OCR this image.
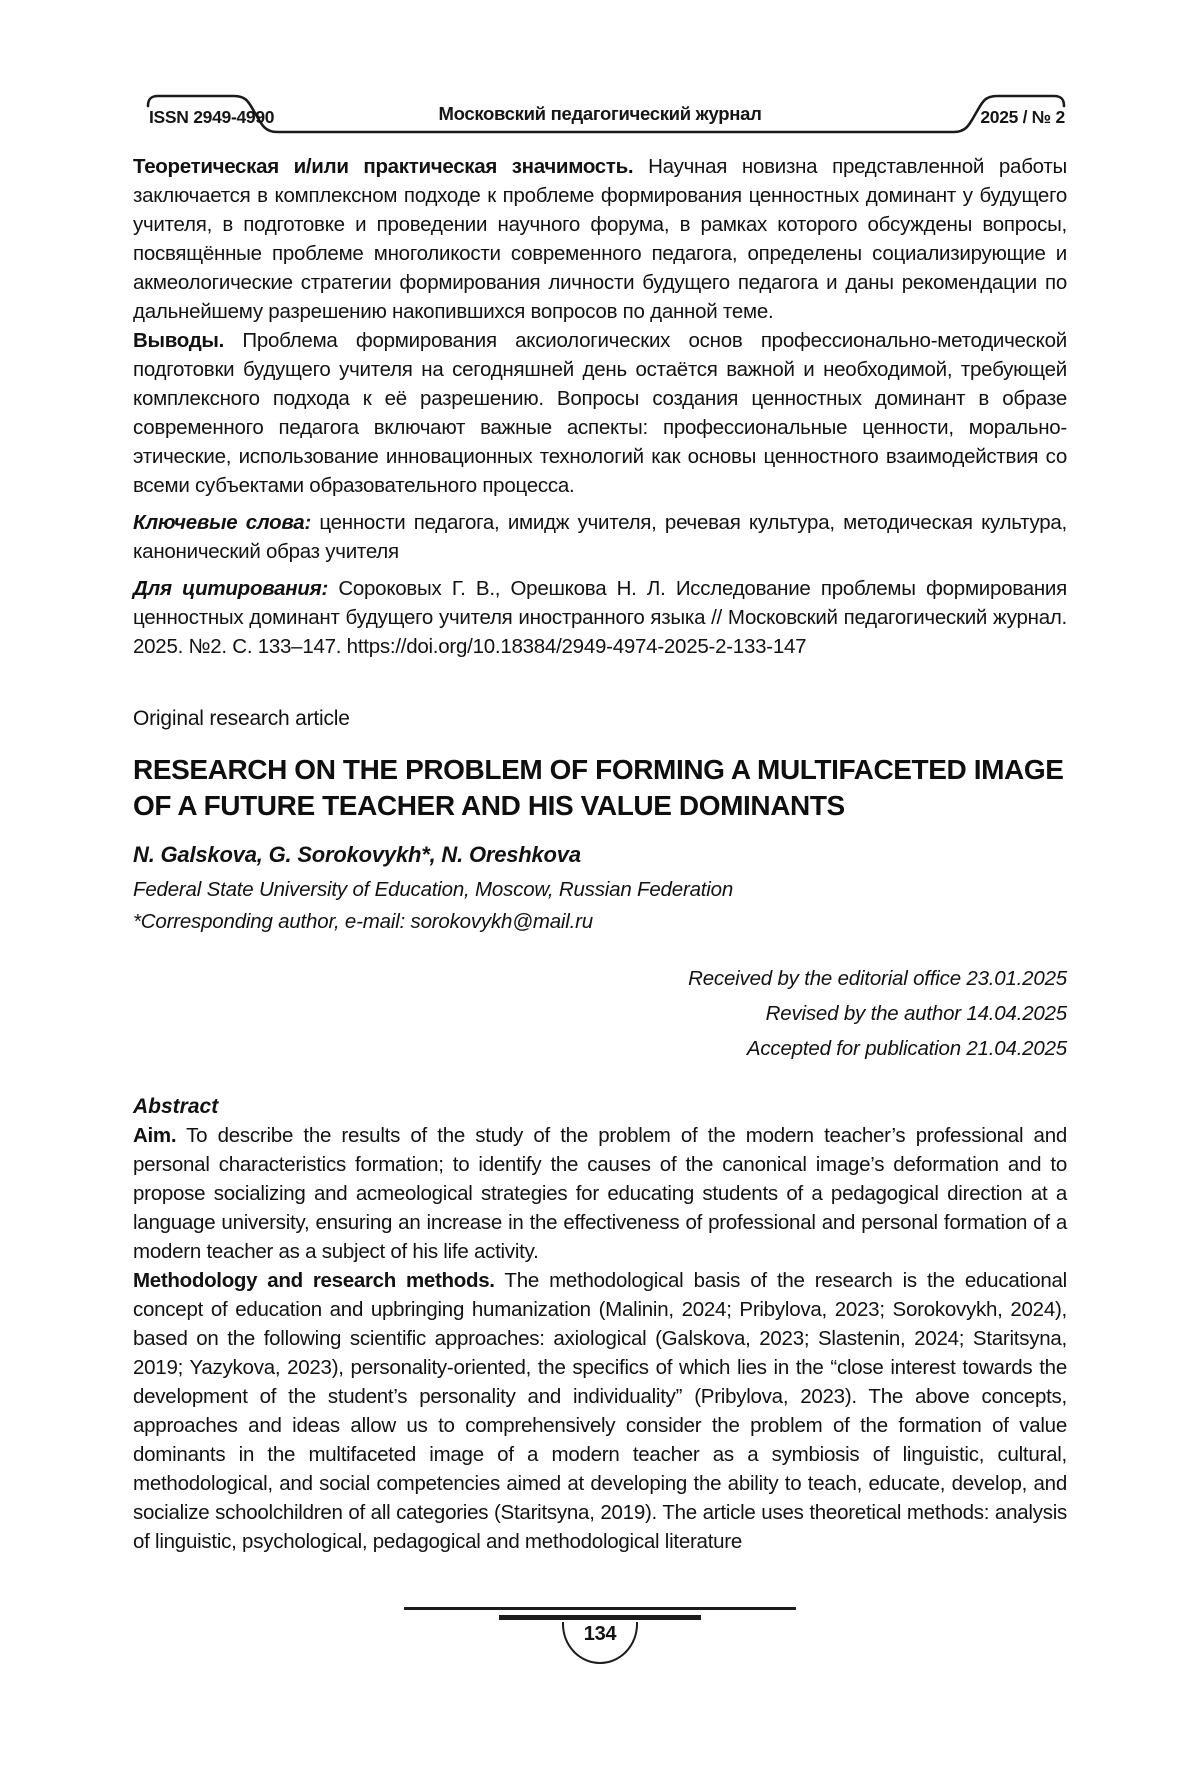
ISSN 2949-4990	Московский педагогический журнал	2025 / № 2

Теоретическая и/или практическая значимость. Научная новизна представленной работы заключается в комплексном подходе к проблеме формирования ценностных доминант у будущего учителя, в подготовке и проведении научного форума, в рамках которого обсуждены вопросы, посвящённые проблеме многоликости современного педагога, определены социализирующие и акмеологические стратегии формирования личности будущего педагога и даны рекомендации по дальнейшему разрешению накопившихся вопросов по данной теме.

Выводы. Проблема формирования аксиологических основ профессионально-методической подготовки будущего учителя на сегодняшней день остаётся важной и необходимой, требующей комплексного подхода к её разрешению. Вопросы создания ценностных доминант в образе современного педагога включают важные аспекты: профессиональные ценности, морально-этические, использование инновационных технологий как основы ценностного взаимодействия со всеми субъектами образовательного процесса.

Ключевые слова: ценности педагога, имидж учителя, речевая культура, методическая культура, канонический образ учителя

Для цитирования: Сороковых Г. В., Орешкова Н. Л. Исследование проблемы формирования ценностных доминант будущего учителя иностранного языка // Московский педагогический журнал. 2025. №2. С. 133–147. https://doi.org/10.18384/2949-4974-2025-2-133-147

Original research article

RESEARCH ON THE PROBLEM OF FORMING A MULTIFACETED IMAGE OF A FUTURE TEACHER AND HIS VALUE DOMINANTS

N. Galskova, G. Sorokovykh*, N. Oreshkova

Federal State University of Education, Moscow, Russian Federation

*Corresponding author, e-mail: sorokovykh@mail.ru

Received by the editorial office 23.01.2025
Revised by the author 14.04.2025
Accepted for publication 21.04.2025

Abstract

Aim. To describe the results of the study of the problem of the modern teacher’s professional and personal characteristics formation; to identify the causes of the canonical image’s deformation and to propose socializing and acmeological strategies for educating students of a pedagogical direction at a language university, ensuring an increase in the effectiveness of professional and personal formation of a modern teacher as a subject of his life activity.

Methodology and research methods. The methodological basis of the research is the educational concept of education and upbringing humanization (Malinin, 2024; Pribylova, 2023; Sorokovykh, 2024), based on the following scientific approaches: axiological (Galskova, 2023; Slastenin, 2024; Staritsyna, 2019; Yazykova, 2023), personality-oriented, the specifics of which lies in the “close interest towards the development of the student’s personality and individuality” (Pribylova, 2023). The above concepts, approaches and ideas allow us to comprehensively consider the problem of the formation of value dominants in the multifaceted image of a modern teacher as a symbiosis of linguistic, cultural, methodological, and social competencies aimed at developing the ability to teach, educate, develop, and socialize schoolchildren of all categories (Staritsyna, 2019). The article uses theoretical methods: analysis of linguistic, psychological, pedagogical and methodological literature

134
